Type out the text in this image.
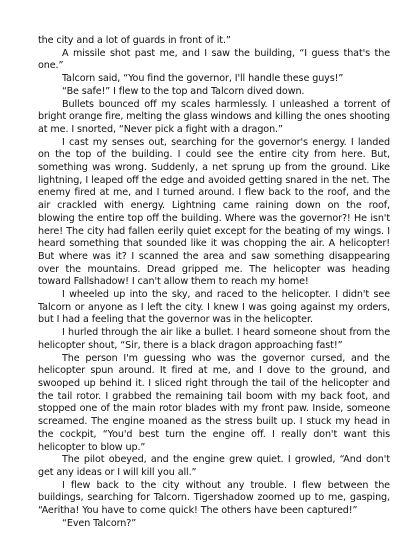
the city and a lot of guards in front of it.”

A missile shot past me, and I saw the building, “I guess that's the one.”

Talcorn said, “You find the governor, I'll handle these guys!”

“Be safe!” I flew to the top and Talcorn dived down.

Bullets bounced off my scales harmlessly. I unleashed a torrent of bright orange fire, melting the glass windows and killing the ones shooting at me. I snorted, “Never pick a fight with a dragon.”

I cast my senses out, searching for the governor's energy. I landed on the top of the building. I could see the entire city from here. But, something was wrong. Suddenly, a net sprung up from the ground. Like lightning, I leaped off the edge and avoided getting snared in the net. The enemy fired at me, and I turned around. I flew back to the roof, and the air crackled with energy. Lightning came raining down on the roof, blowing the entire top off the building. Where was the governor?! He isn't here! The city had fallen eerily quiet except for the beating of my wings. I heard something that sounded like it was chopping the air. A helicopter! But where was it? I scanned the area and saw something disappearing over the mountains. Dread gripped me. The helicopter was heading toward Fallshadow! I can't allow them to reach my home!

I wheeled up into the sky, and raced to the helicopter. I didn't see Talcorn or anyone as I left the city. I knew I was going against my orders, but I had a feeling that the governor was in the helicopter.

I hurled through the air like a bullet. I heard someone shout from the helicopter shout, “Sir, there is a black dragon approaching fast!”

The person I'm guessing who was the governor cursed, and the helicopter spun around. It fired at me, and I dove to the ground, and swooped up behind it. I sliced right through the tail of the helicopter and the tail rotor. I grabbed the remaining tail boom with my back foot, and stopped one of the main rotor blades with my front paw. Inside, someone screamed. The engine moaned as the stress built up. I stuck my head in the cockpit, “You'd best turn the engine off. I really don't want this helicopter to blow up.”

The pilot obeyed, and the engine grew quiet. I growled, “And don't get any ideas or I will kill you all.”

I flew back to the city without any trouble. I flew between the buildings, searching for Talcorn. Tigershadow zoomed up to me, gasping, “Aeritha! You have to come quick! The others have been captured!”

“Even Talcorn?”
